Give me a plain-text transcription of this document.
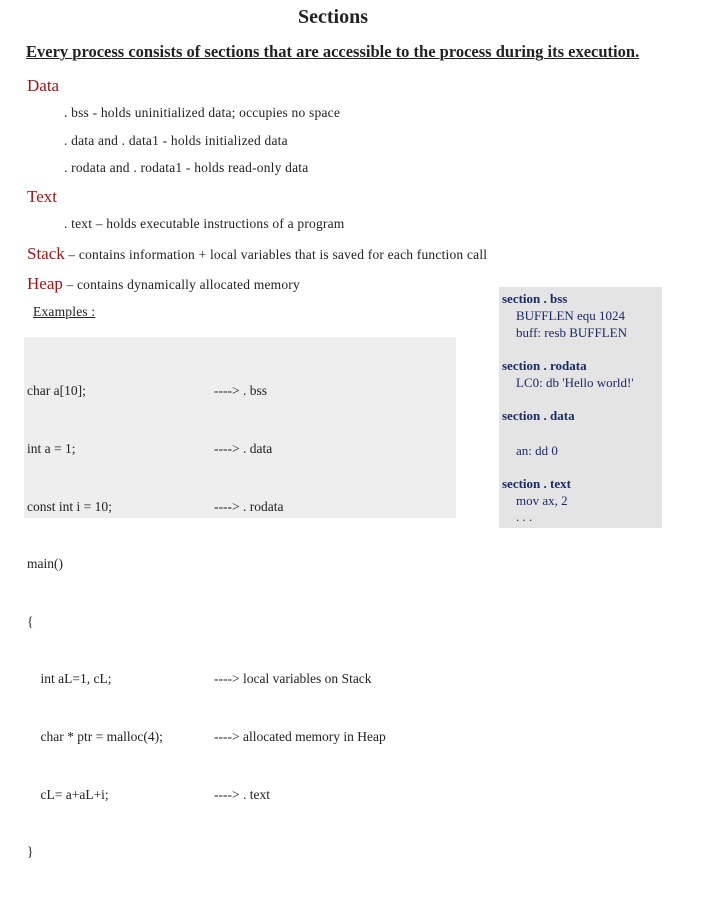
Sections
Every process consists of sections that are accessible to the process during its execution.
Data
. bss - holds uninitialized data; occupies no space
. data and . data1 - holds initialized data
. rodata and . rodata1 - holds read-only data
Text
. text – holds executable instructions of a program
Stack – contains information + local variables that is saved for each function call
Heap – contains dynamically allocated memory
Examples :

char a[10];

int a = 1;

const int i = 10;

main()

{

int aL=1, cL;

char * ptr = malloc(4);

cL= a+aL+i;

}

----> . bss

----> . data

----> . rodata

----> local variables on Stack

----> allocated memory in Heap

----> . text

section . bss
BUFFLEN equ 1024
buff: resb BUFFLEN
section . rodata
LC0: db 'Hello world!'
section . data
an: dd 0
section . text
mov ax, 2
. . .
